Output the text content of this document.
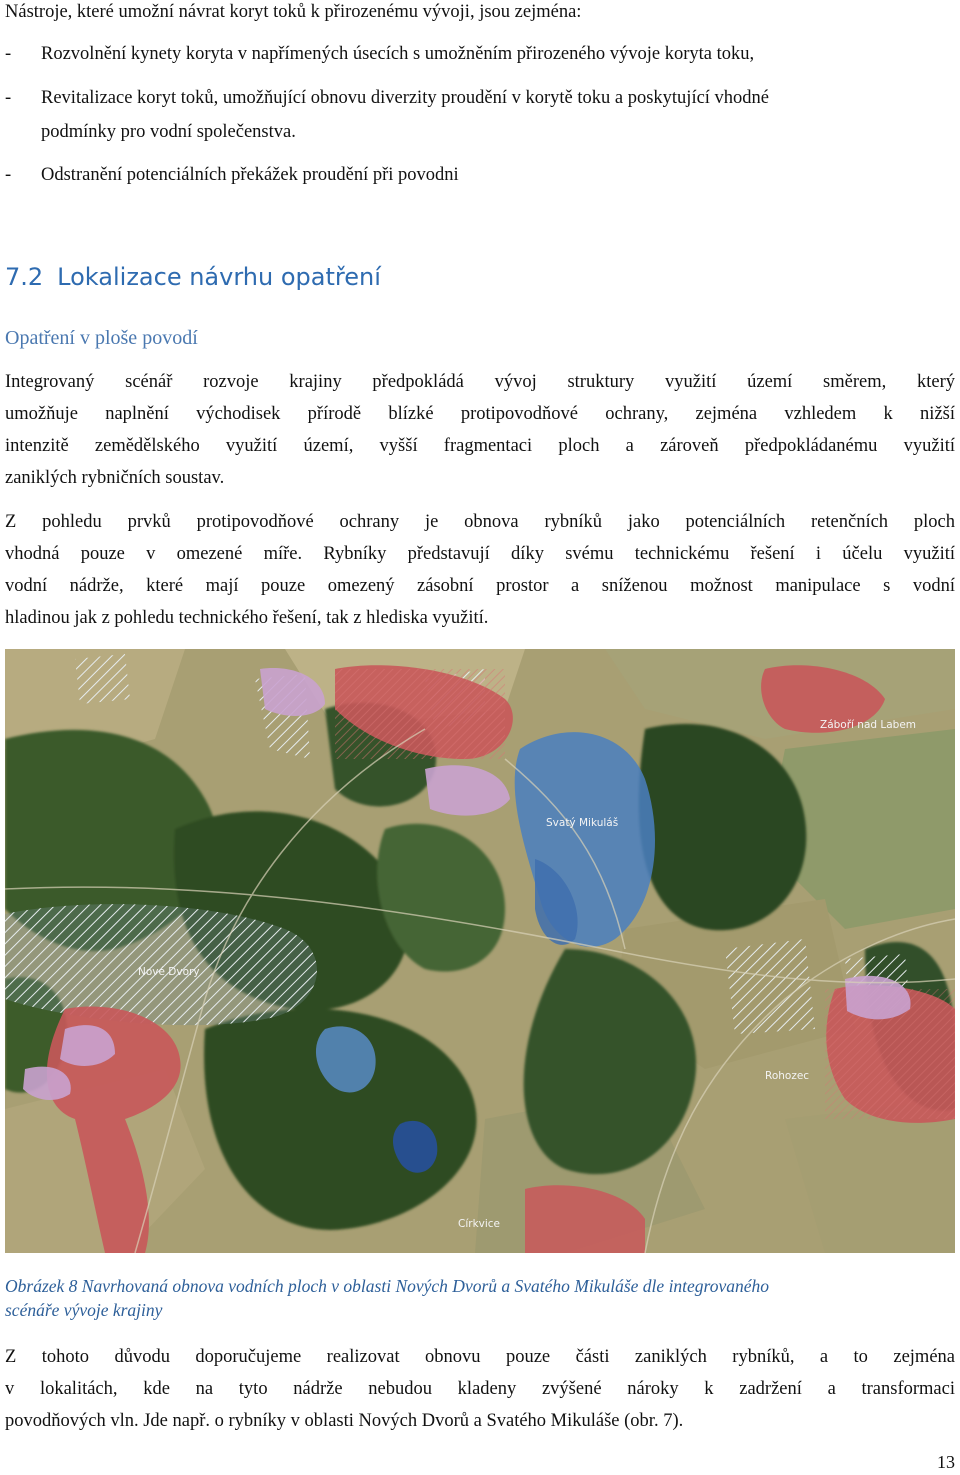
Nástroje, které umožní návrat koryt toků k přirozenému vývoji, jsou zejména:
- Rozvolnění kynety koryta v napřímených úsecích s umožněním přirozeného vývoje koryta toku,
- Revitalizace koryt toků, umožňující obnovu diverzity proudění v korytě toku a poskytující vhodné
podmínky pro vodní společenstva.
- Odstranění potenciálních překážek proudění při povodni
7.2 Lokalizace návrhu opatření
Opatření v ploše povodí
Integrovaný scénář rozvoje krajiny předpokládá vývoj struktury využití území směrem, který
umožňuje naplnění východisek přírodě blízké protipovodňové ochrany, zejména vzhledem k nižší
intenzitě zemědělského využití území, vyšší fragmentaci ploch a zároveň předpokládanému využití
zaniklých rybničních soustav.
Z pohledu prvků protipovodňové ochrany je obnova rybníků jako potenciálních retenčních ploch
vhodná pouze v omezené míře. Rybníky představují díky svému technickému řešení i účelu využití
vodní nádrže, které mají pouze omezený zásobní prostor a sníženou možnost manipulace s vodní
hladinou jak z pohledu technického řešení, tak z hlediska využití.
Záboří nad Labem
Svatý Mikuláš
Nové Dvory
Rohozec
Církvice
Obrázek 8 Navrhovaná obnova vodních ploch v oblasti Nových Dvorů a Svatého Mikuláše dle integrovaného
scénáře vývoje krajiny
Z tohoto důvodu doporučujeme realizovat obnovu pouze části zaniklých rybníků, a to zejména
v lokalitách, kde na tyto nádrže nebudou kladeny zvýšené nároky k zadržení a transformaci
povodňových vln. Jde např. o rybníky v oblasti Nových Dvorů a Svatého Mikuláše (obr. 7).
13
